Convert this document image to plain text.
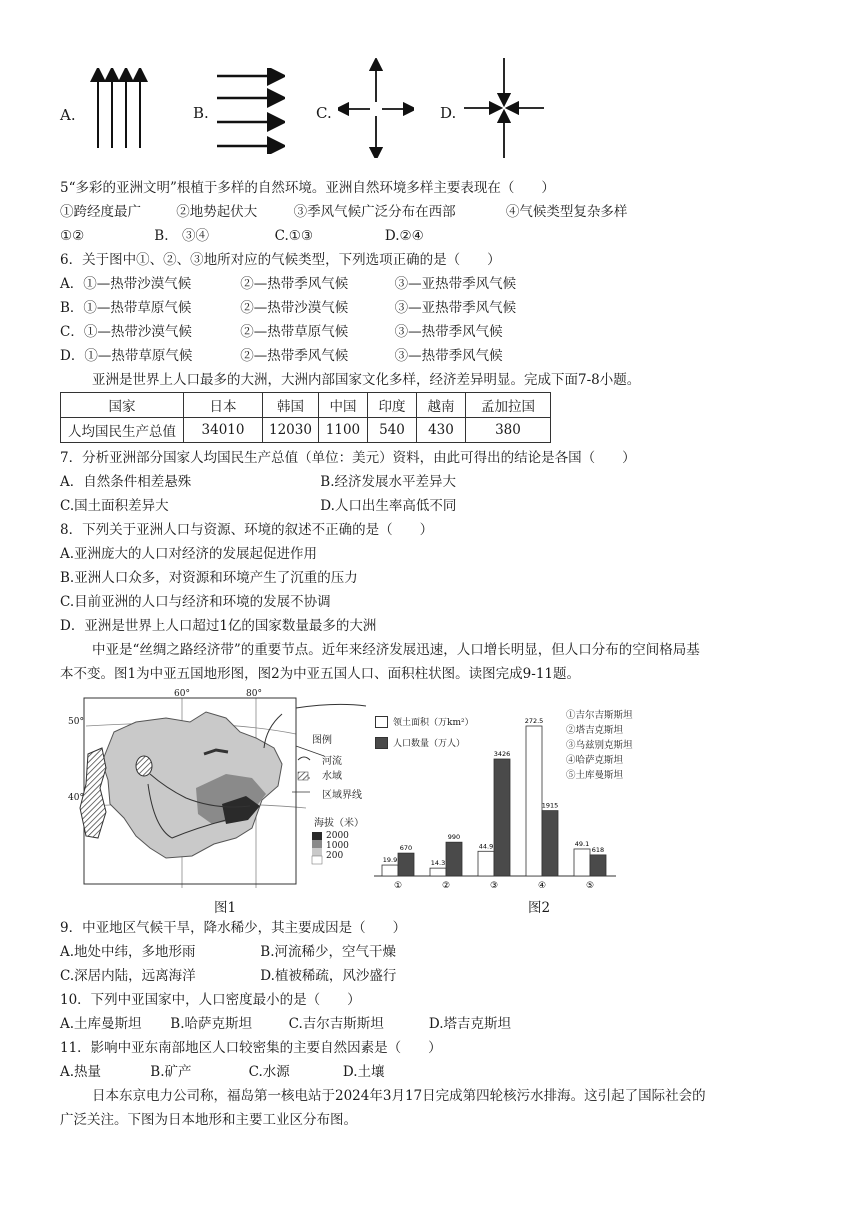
A.	B.	C.	D.
5“多彩的亚洲文明”根植于多样的自然环境。亚洲自然环境多样主要表现在（　　）
①跨经度最广	②地势起伏大	③季风气候广泛分布在西部	④气候类型复杂多样
①②	B.　③④	C.①③	D.②④
6．关于图中①、②、③地所对应的气候类型，下列选项正确的是（　　）
A．①—热带沙漠气候	②—热带季风气候	③—亚热带季风气候
B．①—热带草原气候	②—热带沙漠气候	③—亚热带季风气候
C．①—热带沙漠气候	②—热带草原气候	③—热带季风气候
D．①—热带草原气候	②—热带季风气候	③—热带季风气候
亚洲是世界上人口最多的大洲，大洲内部国家文化多样，经济差异明显。完成下面7-8小题。
国家	日本	韩国	中国	印度	越南	孟加拉国
人均国民生产总值	34010	12030	1100	540	430	380
7．分析亚洲部分国家人均国民生产总值（单位：美元）资料，由此可得出的结论是各国（　　）
A．自然条件相差悬殊	B.经济发展水平差异大
C.国土面积差异大	D.人口出生率高低不同
8．下列关于亚洲人口与资源、环境的叙述不正确的是（　　）
A.亚洲庞大的人口对经济的发展起促进作用
B.亚洲人口众多，对资源和环境产生了沉重的压力
C.目前亚洲的人口与经济和环境的发展不协调
D．亚洲是世界上人口超过1亿的国家数量最多的大洲
中亚是“丝绸之路经济带”的重要节点。近年来经济发展迅速，人口增长明显，但人口分布的空间格局基
本不变。图1为中亚五国地形图，图2为中亚五国人口、面积柱状图。读图完成9-11题。
60°	80°
50°
40°
图例
河流
水域
区域界线
海拔（米）
2000
1000
200
图1
19.9
670
①
14.3
990
②
44.9
3426
③
272.5
1915
④
49.1
618
⑤
领土面积（万km²）
人口数量（万人）
①吉尔吉斯斯坦
②塔吉克斯坦
③乌兹别克斯坦
④哈萨克斯坦
⑤土库曼斯坦
图2
9．中亚地区气候干旱，降水稀少，其主要成因是（　　）
A.地处中纬，多地形雨	B.河流稀少，空气干燥
C.深居内陆，远离海洋	D.植被稀疏，风沙盛行
10．下列中亚国家中，人口密度最小的是（　　）
A.土库曼斯坦 B.哈萨克斯坦	C.吉尔吉斯斯坦	D.塔吉克斯坦
11．影响中亚东南部地区人口较密集的主要自然因素是（　　）
A.热量	B.矿产	C.水源	D.土壤
日本东京电力公司称，福岛第一核电站于2024年3月17日完成第四轮核污水排海。这引起了国际社会的
广泛关注。下图为日本地形和主要工业区分布图。
